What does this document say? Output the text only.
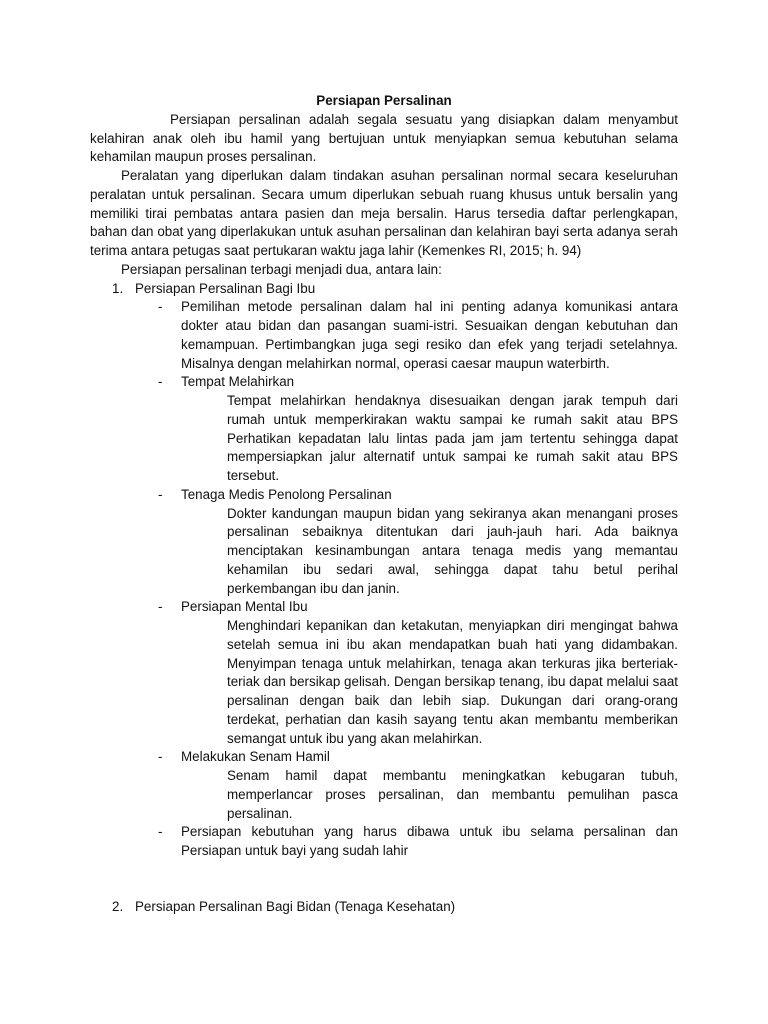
Persiapan Persalinan

Persiapan persalinan adalah segala sesuatu yang disiapkan dalam menyambut kelahiran anak oleh ibu hamil yang bertujuan untuk menyiapkan semua kebutuhan selama kehamilan maupun proses persalinan.

Peralatan yang diperlukan dalam tindakan asuhan persalinan normal secara keseluruhan peralatan untuk persalinan. Secara umum diperlukan sebuah ruang khusus untuk bersalin yang memiliki tirai pembatas antara pasien dan meja bersalin. Harus tersedia daftar perlengkapan, bahan dan obat yang diperlakukan untuk asuhan persalinan dan kelahiran bayi serta adanya serah terima antara petugas saat pertukaran waktu jaga lahir (Kemenkes RI, 2015; h. 94)

Persiapan persalinan terbagi menjadi dua, antara lain:

1. Persiapan Persalinan Bagi Ibu
- Pemilihan metode persalinan dalam hal ini penting adanya komunikasi antara dokter atau bidan dan pasangan suami-istri. Sesuaikan dengan kebutuhan dan kemampuan. Pertimbangkan juga segi resiko dan efek yang terjadi setelahnya. Misalnya dengan melahirkan normal, operasi caesar maupun waterbirth.
- Tempat Melahirkan

Tempat melahirkan hendaknya disesuaikan dengan jarak tempuh dari rumah untuk memperkirakan waktu sampai ke rumah sakit atau BPS Perhatikan kepadatan lalu lintas pada jam jam tertentu sehingga dapat mempersiapkan jalur alternatif untuk sampai ke rumah sakit atau BPS tersebut.

- Tenaga Medis Penolong Persalinan

Dokter kandungan maupun bidan yang sekiranya akan menangani proses persalinan sebaiknya ditentukan dari jauh-jauh hari. Ada baiknya menciptakan kesinambungan antara tenaga medis yang memantau kehamilan ibu sedari awal, sehingga dapat tahu betul perihal perkembangan ibu dan janin.

- Persiapan Mental Ibu

Menghindari kepanikan dan ketakutan, menyiapkan diri mengingat bahwa setelah semua ini ibu akan mendapatkan buah hati yang didambakan. Menyimpan tenaga untuk melahirkan, tenaga akan terkuras jika berteriak-teriak dan bersikap gelisah. Dengan bersikap tenang, ibu dapat melalui saat persalinan dengan baik dan lebih siap. Dukungan dari orang-orang terdekat, perhatian dan kasih sayang tentu akan membantu memberikan semangat untuk ibu yang akan melahirkan.

- Melakukan Senam Hamil

Senam hamil dapat membantu meningkatkan kebugaran tubuh, memperlancar proses persalinan, dan membantu pemulihan pasca persalinan.

- Persiapan kebutuhan yang harus dibawa untuk ibu selama persalinan dan Persiapan untuk bayi yang sudah lahir
2. Persiapan Persalinan Bagi Bidan (Tenaga Kesehatan)
